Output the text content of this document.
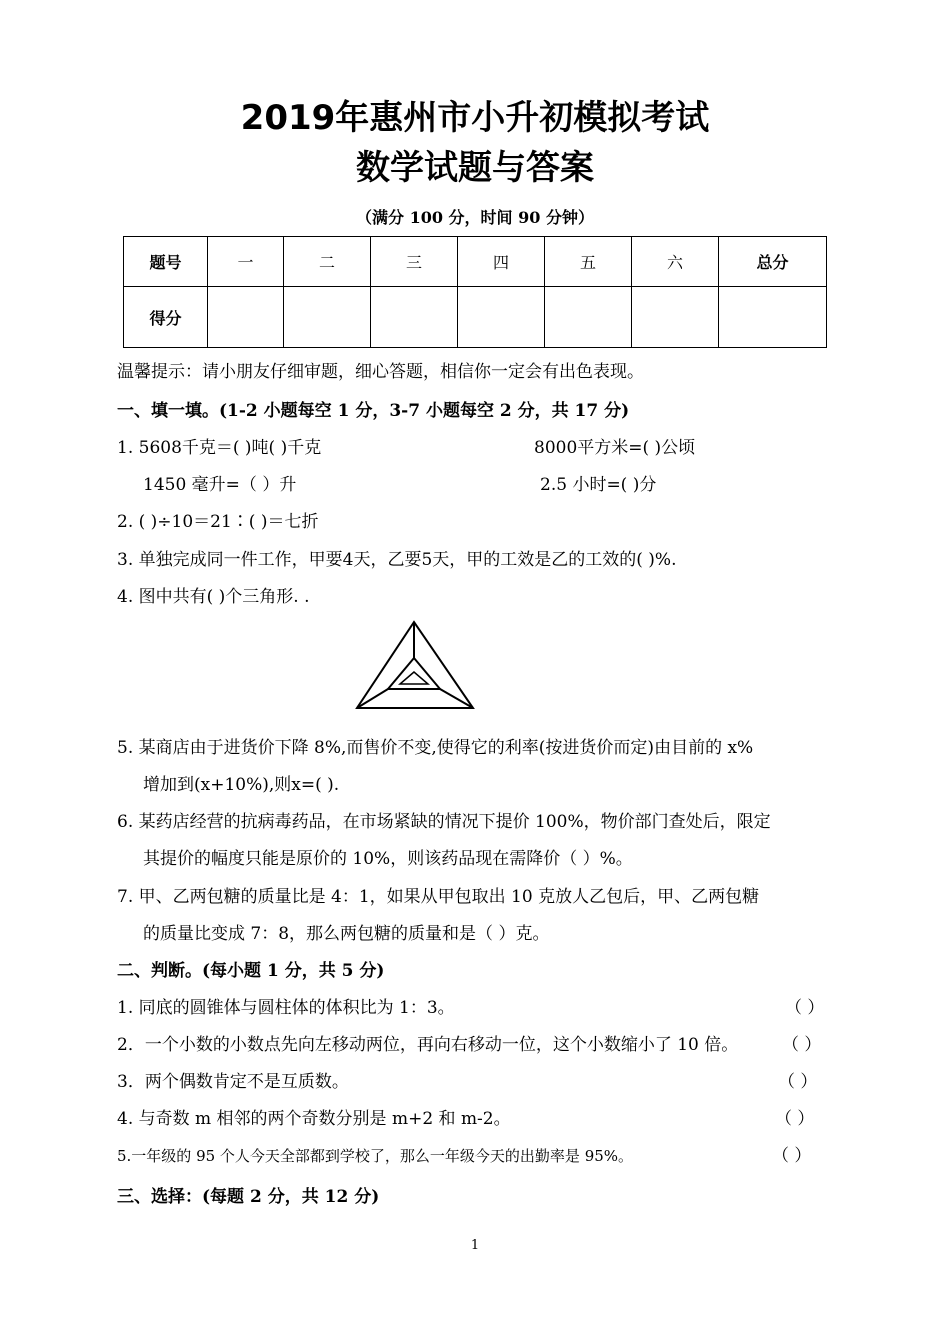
2019年惠州市小升初模拟考试
数学试题与答案
（满分 100 分，时间 90 分钟）
题号	一	二	三	四	五	六	总分
得分							
温馨提示：请小朋友仔细审题，细心答题，相信你一定会有出色表现。
一、填一填。(1-2 小题每空 1 分，3-7 小题每空 2 分，共 17 分)
1. 5608千克＝( )吨( )千克	8000平方米=( )公顷
1450 毫升=（ ）升	2.5 小时=( )分
2. ( )÷10＝21∶( )＝七折
3. 单独完成同一件工作，甲要4天，乙要5天，甲的工效是乙的工效的( )%.
4. 图中共有( )个三角形. .
5. 某商店由于进货价下降 8%,而售价不变,使得它的利率(按进货价而定)由目前的 x%
增加到(x+10%),则x=( ).
6. 某药店经营的抗病毒药品，在市场紧缺的情况下提价 100%，物价部门查处后，限定
其提价的幅度只能是原价的 10%，则该药品现在需降价（ ）%。
7. 甲、乙两包糖的质量比是 4：1，如果从甲包取出 10 克放人乙包后，甲、乙两包糖
的质量比变成 7：8，那么两包糖的质量和是（ ）克。
二、判断。(每小题 1 分，共 5 分)
1. 同底的圆锥体与圆柱体的体积比为 1：3。	（ ）
2．一个小数的小数点先向左移动两位，再向右移动一位，这个小数缩小了 10 倍。	（ ）
3．两个偶数肯定不是互质数。	（ ）
4. 与奇数 m 相邻的两个奇数分别是 m+2 和 m-2。	（ ）
5.一年级的 95 个人今天全部都到学校了，那么一年级今天的出勤率是 95%。	（ ）
三、选择：(每题 2 分，共 12 分)
1
